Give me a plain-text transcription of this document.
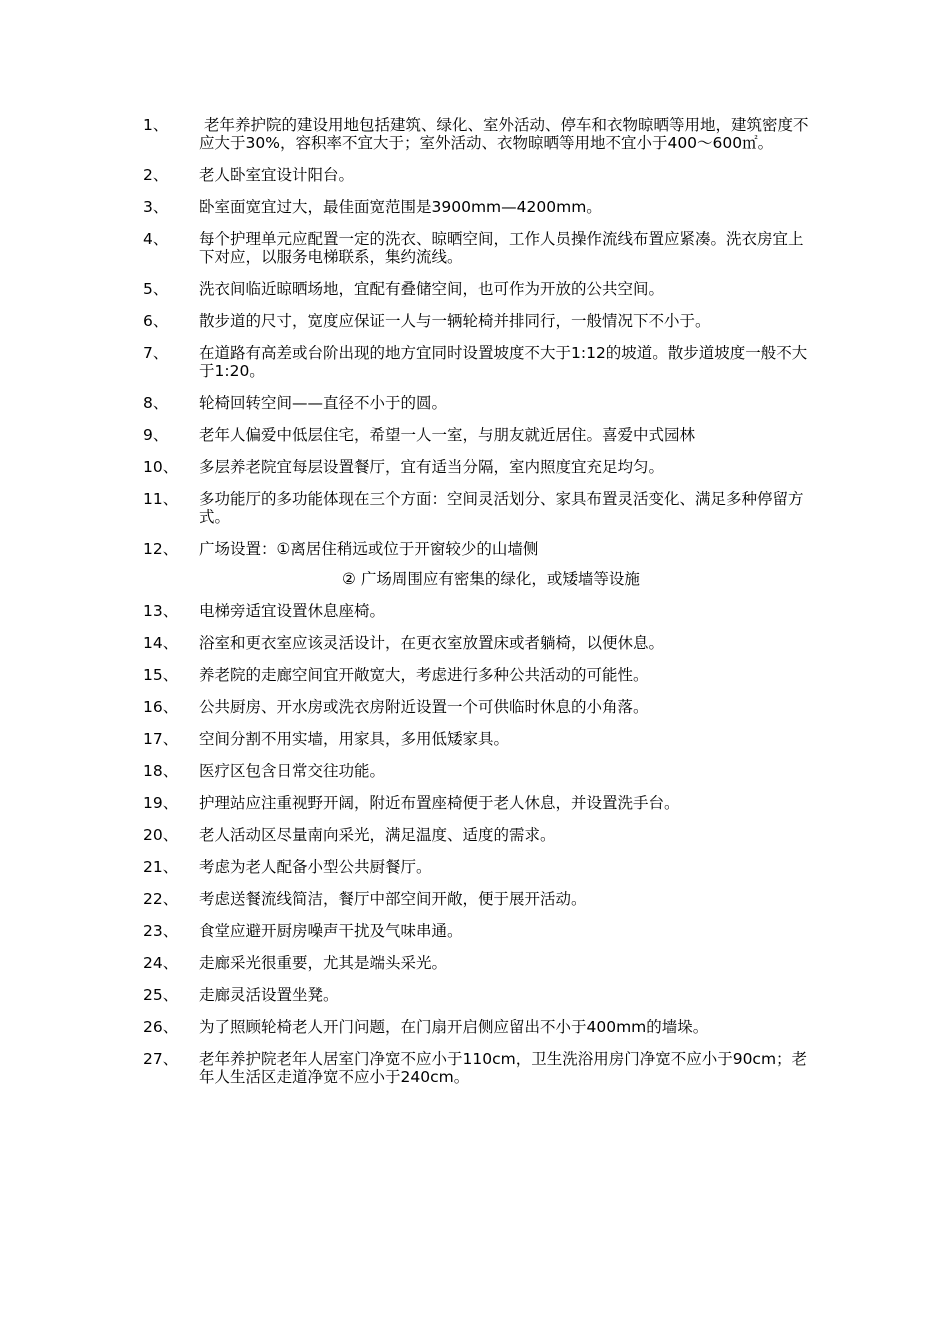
1、	老年养护院的建设用地包括建筑、绿化、室外活动、停车和衣物晾晒等用地，建筑密度不应大于30%，容积率不宜大于；室外活动、衣物晾晒等用地不宜小于400～600㎡。
2、	老人卧室宜设计阳台。
3、	卧室面宽宜过大，最佳面宽范围是3900mm—4200mm。
4、	每个护理单元应配置一定的洗衣、晾晒空间，工作人员操作流线布置应紧凑。洗衣房宜上下对应，以服务电梯联系，集约流线。
5、	洗衣间临近晾晒场地，宜配有叠储空间，也可作为开放的公共空间。
6、	散步道的尺寸，宽度应保证一人与一辆轮椅并排同行，一般情况下不小于。
7、	在道路有高差或台阶出现的地方宜同时设置坡度不大于1:12的坡道。散步道坡度一般不大于1:20。
8、	轮椅回转空间——直径不小于的圆。
9、	老年人偏爱中低层住宅，希望一人一室，与朋友就近居住。喜爱中式园林
10、	多层养老院宜每层设置餐厅，宜有适当分隔，室内照度宜充足均匀。
11、	多功能厅的多功能体现在三个方面：空间灵活划分、家具布置灵活变化、满足多种停留方式。
12、	广场设置：①离居住稍远或位于开窗较少的山墙侧
② 广场周围应有密集的绿化，或矮墙等设施
13、	电梯旁适宜设置休息座椅。
14、	浴室和更衣室应该灵活设计，在更衣室放置床或者躺椅，以便休息。
15、	养老院的走廊空间宜开敞宽大，考虑进行多种公共活动的可能性。
16、	公共厨房、开水房或洗衣房附近设置一个可供临时休息的小角落。
17、	空间分割不用实墙，用家具，多用低矮家具。
18、	医疗区包含日常交往功能。
19、	护理站应注重视野开阔，附近布置座椅便于老人休息，并设置洗手台。
20、	老人活动区尽量南向采光，满足温度、适度的需求。
21、	考虑为老人配备小型公共厨餐厅。
22、	考虑送餐流线简洁，餐厅中部空间开敞，便于展开活动。
23、	食堂应避开厨房噪声干扰及气味串通。
24、	走廊采光很重要，尤其是端头采光。
25、	走廊灵活设置坐凳。
26、	为了照顾轮椅老人开门问题，在门扇开启侧应留出不小于400mm的墙垛。
27、	老年养护院老年人居室门净宽不应小于110cm，卫生洗浴用房门净宽不应小于90cm；老年人生活区走道净宽不应小于240cm。
